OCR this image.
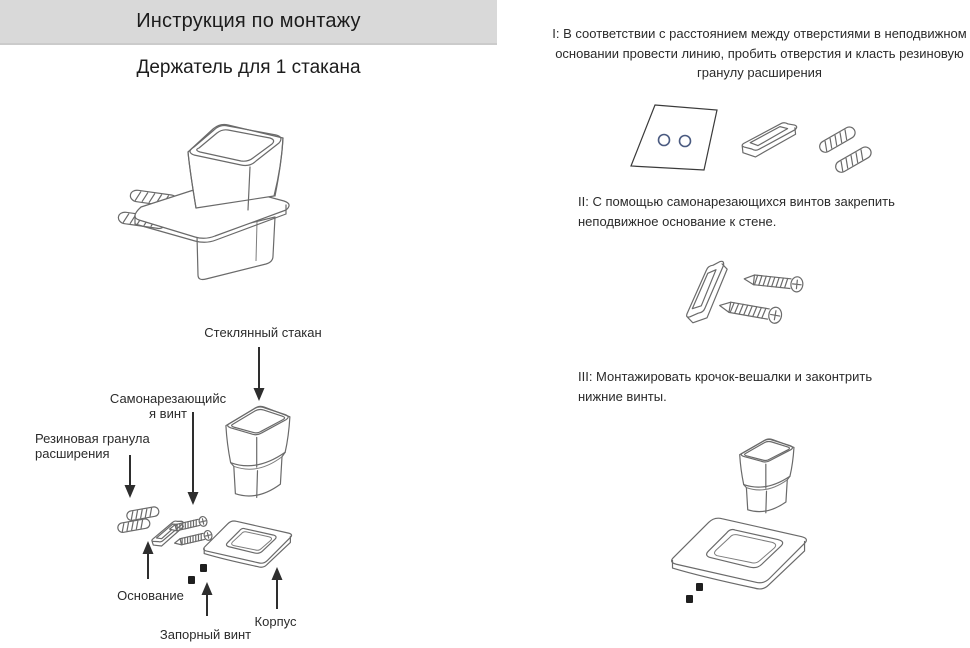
Инструкция по монтажу
Держатель для 1 стакана
Стеклянный стакан
Самонарезающийс
я винт
Резиновая гранула расширения
Основание
Запорный винт
Корпус
I: В соответствии с расстоянием между отверстиями в неподвижном основании провести линию, пробить отверстия и класть резиновую гранулу расширения
II: С помощью самонарезающихся винтов закрепить неподвижное основание к стене.
III: Монтажировать крочок-вешалки и законтрить нижние винты.
